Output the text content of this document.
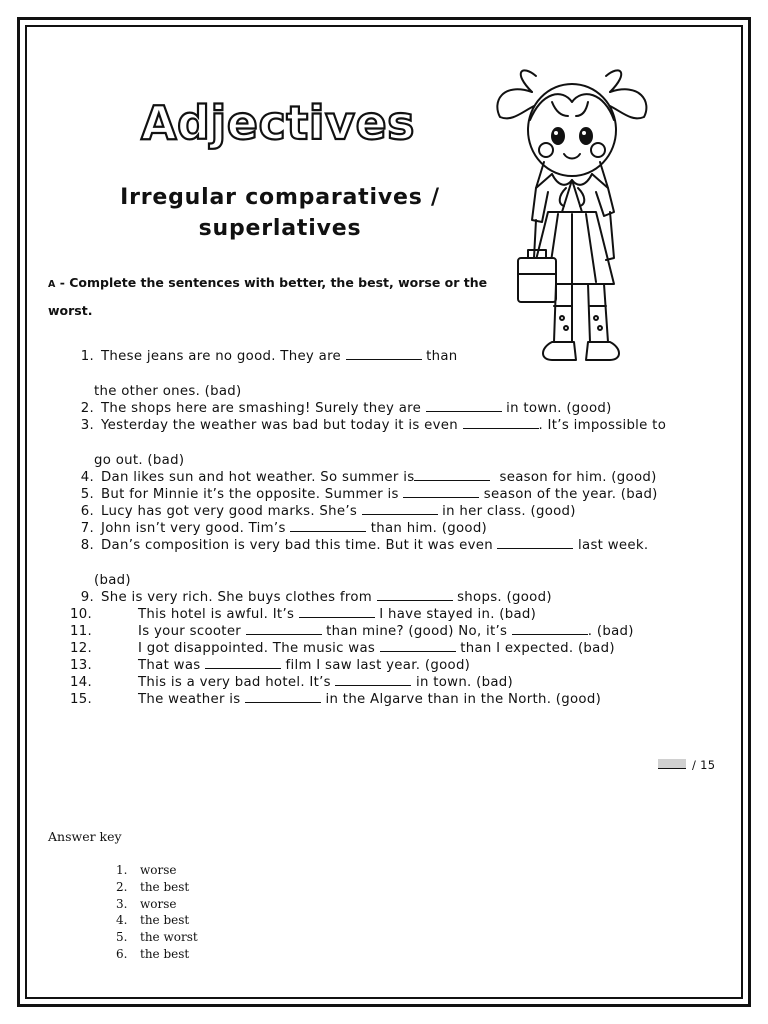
Adjectives
Irregular comparatives / superlatives
A - Complete the sentences with better, the best, worse or the worst.
1. These jeans are no good. They are	than
the other ones. (bad)
2. The shops here are smashing! Surely they are	in town. (good)
3. Yesterday the weather was bad but today it is even	. It’s impossible to
go out. (bad)
4. Dan likes sun and hot weather. So summer is	season for him. (good)
5. But for Minnie it’s the opposite. Summer is	season of the year. (bad)
6. Lucy has got very good marks. She’s	in her class. (good)
7. John isn’t very good. Tim’s	than him. (good)
8. Dan’s composition is very bad this time. But it was even	last week.
(bad)
9. She is very rich. She buys clothes from	shops. (good)
10.	This hotel is awful. It’s	I have stayed in. (bad)
11.	Is your scooter	than mine? (good) No, it’s	. (bad)
12.	I got disappointed. The music was	than I expected. (bad)
13.	That was	film I saw last year. (good)
14.	This is a very bad hotel. It’s	in town. (bad)
15.	The weather is	in the Algarve than in the North. (good)
/ 15
Answer key
1.	worse
2.	the best
3.	worse
4.	the best
5.	the worst
6.	the best
